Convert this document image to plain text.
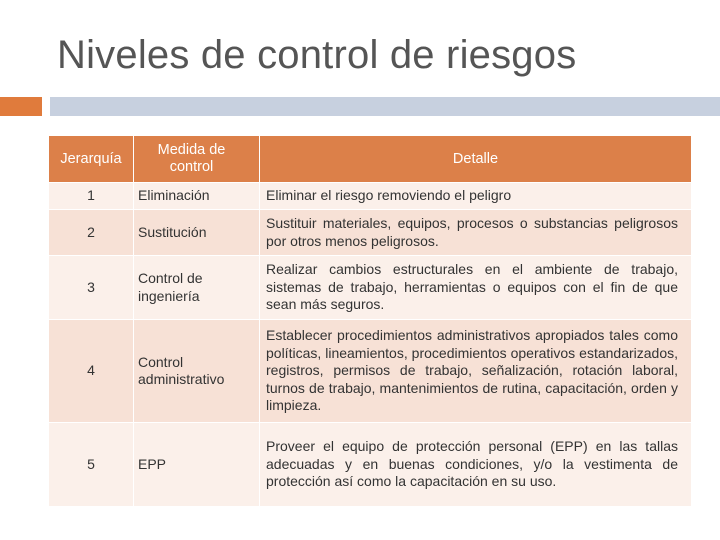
Niveles de control de riesgos
Jerarquía	Medida de control	Detalle
1	Eliminación	Eliminar el riesgo removiendo el peligro
2	Sustitución	Sustituir materiales, equipos, procesos o substancias peligrosos por otros menos peligrosos.
3	Control de ingeniería	Realizar cambios estructurales en el ambiente de trabajo, sistemas de trabajo, herramientas o equipos con el fin de que sean más seguros.
4	Control administrativo	Establecer procedimientos administrativos apropiados tales como políticas, lineamientos, procedimientos operativos estandarizados, registros, permisos de trabajo, señalización, rotación laboral, turnos de trabajo, mantenimientos de rutina, capacitación, orden y limpieza.
5	EPP	Proveer el equipo de protección personal (EPP) en las tallas adecuadas y en buenas condiciones, y/o la vestimenta de protección así como la capacitación en su uso.
